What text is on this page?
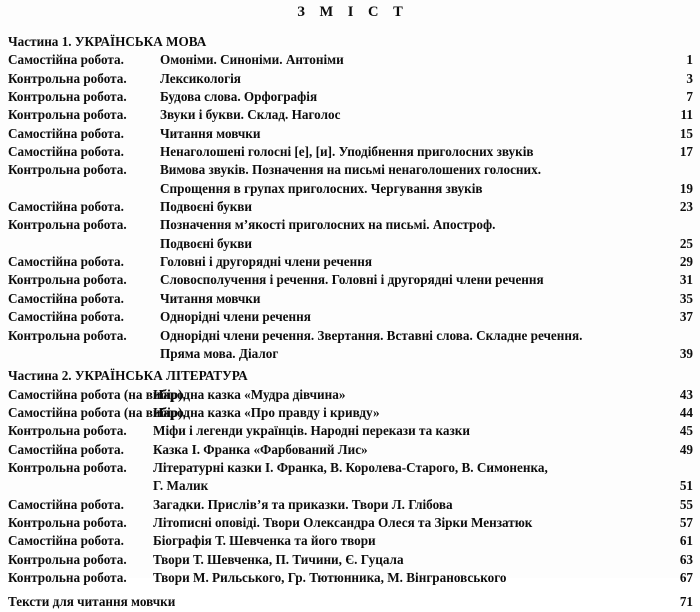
З М І С Т
Частина 1. УКРАЇНСЬКА МОВА
Самостійна робота.	Омоніми. Синоніми. Антоніми	1
Контрольна робота.	Лексикологія	3
Контрольна робота.	Будова слова. Орфографія	7
Контрольна робота.	Звуки і букви. Склад. Наголос	11
Самостійна робота.	Читання мовчки	15
Самостійна робота.	Ненаголошені голосні [е], [и]. Уподібнення приголосних звуків	17
Контрольна робота.	Вимова звуків. Позначення на письмі ненаголошених голосних.
Спрощення в групах приголосних. Чергування звуків	19
Самостійна робота.	Подвоєні букви	23
Контрольна робота.	Позначення м’якості приголосних на письмі. Апостроф.
Подвоєні букви	25
Самостійна робота.	Головні і другорядні члени речення	29
Контрольна робота.	Словосполучення і речення. Головні і другорядні члени речення	31
Самостійна робота.	Читання мовчки	35
Самостійна робота.	Однорідні члени речення	37
Контрольна робота.	Однорідні члени речення. Звертання. Вставні слова. Складне речення.
Пряма мова. Діалог	39
Частина 2. УКРАЇНСЬКА ЛІТЕРАТУРА
Самостійна робота (на вибір).
Народна казка «Мудра дівчина»	43
Самостійна робота (на вибір).
Народна казка «Про правду і кривду»	44
Контрольна робота. Міфи і легенди українців. Народні перекази та казки	45
Самостійна робота. Казка І. Франка «Фарбований Лис»	49
Контрольна робота. Літературні казки І. Франка, В. Королева-Старого, В. Симоненка,
Г. Малик	51
Самостійна робота. Загадки. Прислів’я та приказки. Твори Л. Глібова	55
Контрольна робота. Літописні оповіді. Твори Олександра Олеся та Зірки Мензатюк	57
Самостійна робота. Біографія Т. Шевченка та його твори	61
Контрольна робота. Твори Т. Шевченка, П. Тичини, Є. Гуцала	63
Контрольна робота. Твори М. Рильського, Гр. Тютюнника, М. Вінграновського	67
Тексти для читання мовчки	71
